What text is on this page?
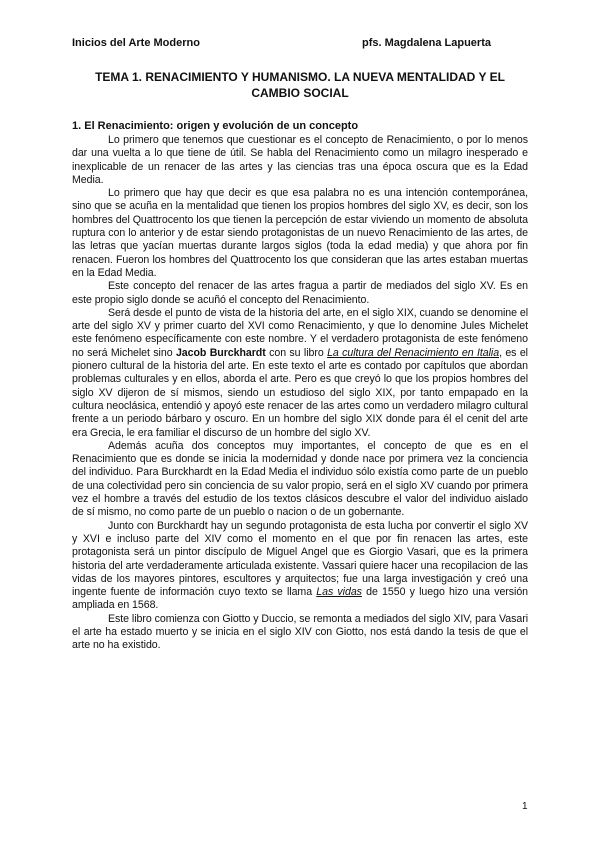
Inicios del Arte Moderno	pfs. Magdalena Lapuerta
TEMA 1. RENACIMIENTO Y HUMANISMO. LA NUEVA MENTALIDAD Y EL CAMBIO SOCIAL
1. El Renacimiento: origen y evolución de un concepto

Lo primero que tenemos que cuestionar es el concepto de Renacimiento, o por lo menos dar una vuelta a lo que tiene de útil. Se habla del Renacimiento como un milagro inesperado e inexplicable de un renacer de las artes y las ciencias tras una época oscura que es la Edad Media.

Lo primero que hay que decir es que esa palabra no es una intención contemporánea, sino que se acuña en la mentalidad que tienen los propios hombres del siglo XV, es decir, son los hombres del Quattrocento los que tienen la percepción de estar viviendo un momento de absoluta ruptura con lo anterior y de estar siendo protagonistas de un nuevo Renacimiento de las artes, de las letras que yacían muertas durante largos siglos (toda la edad media) y que ahora por fin renacen. Fueron los hombres del Quattrocento los que consideran que las artes estaban muertas en la Edad Media.

Este concepto del renacer de las artes fragua a partir de mediados del siglo XV. Es en este propio siglo donde se acuñó el concepto del Renacimiento.

Será desde el punto de vista de la historia del arte, en el siglo XIX, cuando se denomine el arte del siglo XV y primer cuarto del XVI como Renacimiento, y que lo denomine Jules Michelet este fenómeno específicamente con este nombre. Y el verdadero protagonista de este fenómeno no será Michelet sino Jacob Burckhardt con su libro La cultura del Renacimiento en Italia, es el pionero cultural de la historia del arte. En este texto el arte es contado por capítulos que abordan problemas culturales y en ellos, aborda el arte. Pero es que creyó lo que los propios hombres del siglo XV dijeron de sí mismos, siendo un estudioso del siglo XIX, por tanto empapado en la cultura neoclásica, entendió y apoyó este renacer de las artes como un verdadero milagro cultural frente a un periodo bárbaro y oscuro. En un hombre del siglo XIX donde para él el cenit del arte era Grecia, le era familiar el discurso de un hombre del siglo XV.

Además acuña dos conceptos muy importantes, el concepto de que es en el Renacimiento que es donde se inicia la modernidad y donde nace por primera vez la conciencia del individuo. Para Burckhardt en la Edad Media el individuo sólo existía como parte de un pueblo de una colectividad pero sin conciencia de su valor propio, será en el siglo XV cuando por primera vez el hombre a través del estudio de los textos clásicos descubre el valor del individuo aislado de sí mismo, no como parte de un pueblo o nacion o de un gobernante.

Junto con Burckhardt hay un segundo protagonista de esta lucha por convertir el siglo XV y XVI e incluso parte del XIV como el momento en el que por fin renacen las artes, este protagonista será un pintor discípulo de Miguel Angel que es Giorgio Vasari, que es la primera historia del arte verdaderamente articulada existente. Vassari quiere hacer una recopilacion de las vidas de los mayores pintores, escultores y arquitectos; fue una larga investigación y creó una ingente fuente de información cuyo texto se llama Las vidas de 1550 y luego hizo una versión ampliada en 1568.

Este libro comienza con Giotto y Duccio, se remonta a mediados del siglo XIV, para Vasari el arte ha estado muerto y se inicia en el siglo XIV con Giotto, nos está dando la tesis de que el arte no ha existido.

1
